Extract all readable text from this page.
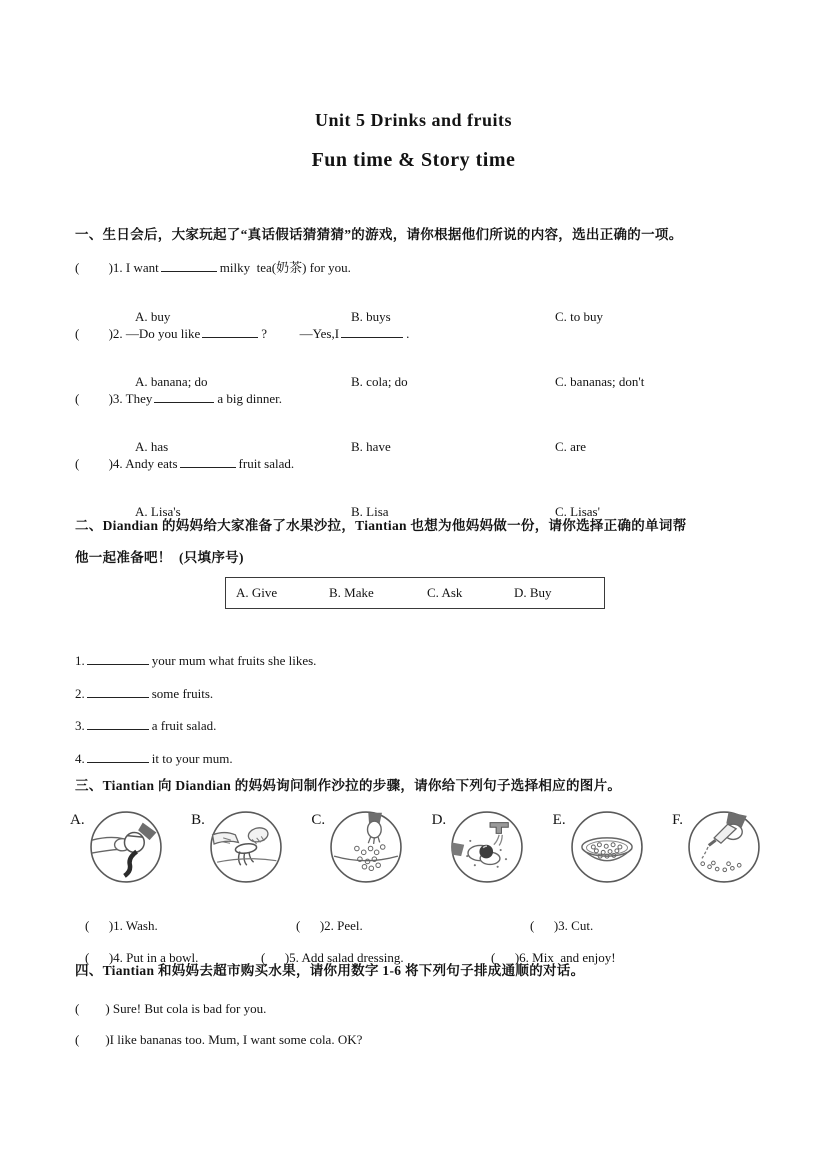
Unit 5 Drinks and fruits
Fun time & Story time
一、生日会后，大家玩起了“真话假话猜猜猜”的游戏，请你根据他们所说的内容，选出正确的一项。
(         )1. I want	milky  tea(奶茶) for you.

A. buy	B. buys	C. to buy

(         )2. —Do you like	?          —Yes,I	.

A. banana; do	B. cola; do	C. bananas; don't

(         )3. They	a big dinner.

A. has	B. have	C. are

(         )4. Andy eats	fruit salad.

A. Lisa's	B. Lisa	C. Lisas'

二、Diandian 的妈妈给大家准备了水果沙拉，Tiantian 也想为他妈妈做一份，请你选择正确的单词帮
他一起准备吧！  (只填序号)
A. Give	B. Make	C. Ask	D. Buy
1.	your mum what fruits she likes.
2.	some fruits.
3.	a fruit salad.
4.	it to your mum.
三、Tiantian 向 Diandian 的妈妈询问制作沙拉的步骤，请你给下列句子选择相应的图片。
A.	B.	C.	D.	E.	F.

(      )1. Wash.	(      )2. Peel.	(      )3. Cut.

(      )4. Put in a bowl.	(      )5. Add salad dressing.	(      )6. Mix  and enjoy!

四、Tiantian 和妈妈去超市购买水果，请你用数字 1-6 将下列句子排成通顺的对话。
(        ) Sure! But cola is bad for you.
(        )I like bananas too. Mum, I want some cola. OK?
